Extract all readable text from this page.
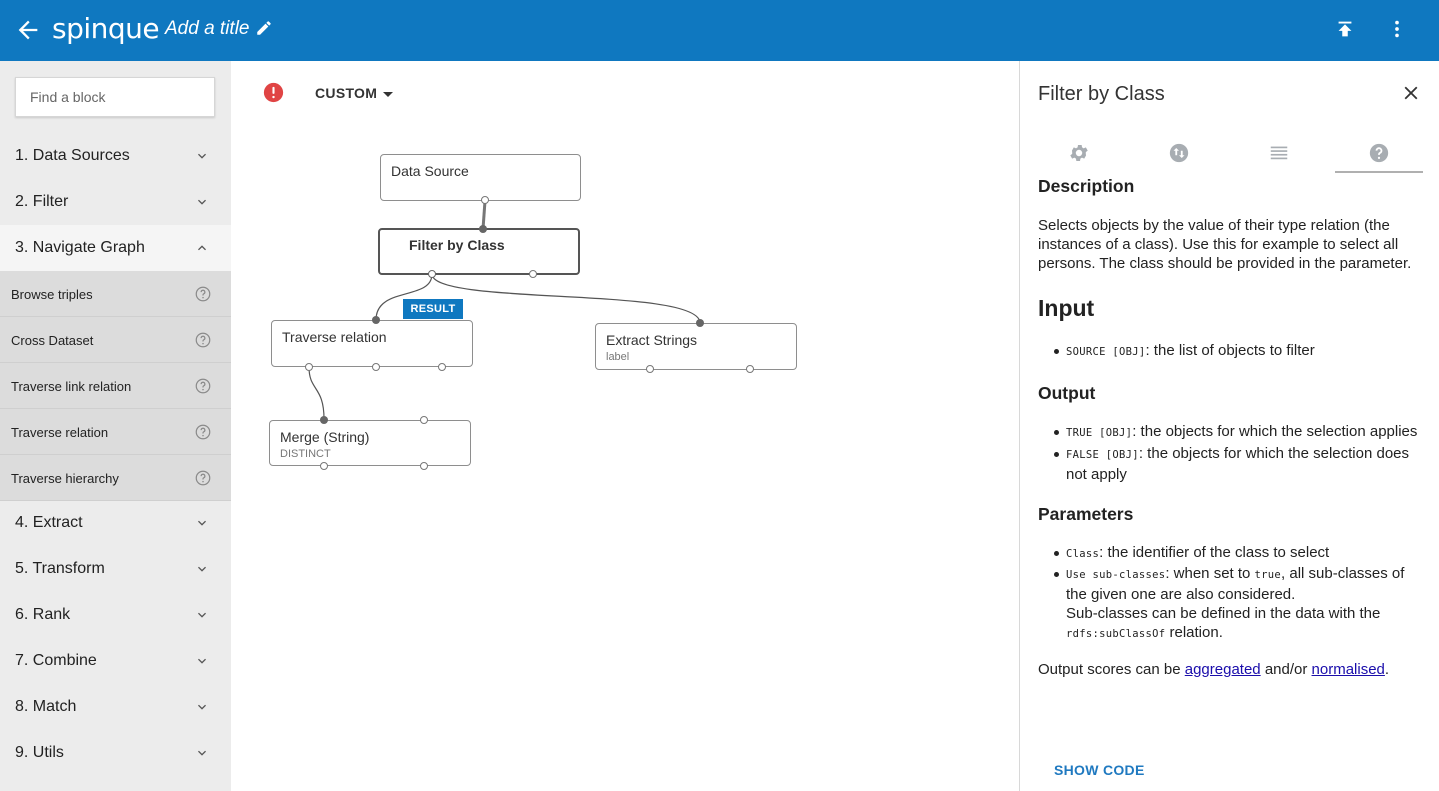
spinque Add a title
Find a block
1. Data Sources
2. Filter
3. Navigate Graph
Browse triples
Cross Dataset
Traverse link relation
Traverse relation
Traverse hierarchy
4. Extract
5. Transform
6. Rank
7. Combine
8. Match
9. Utils
CUSTOM
Data Source
Filter by Class
Traverse relation	Extract Strings
label
Merge (String)
DISTINCT
RESULT
Filter by Class
Description

Selects objects by the value of their type relation (the instances of a class). Use this for example to select all persons. The class should be provided in the parameter.

Input
SOURCE [OBJ]: the list of objects to filter
Output
TRUE [OBJ]: the objects for which the selection applies
FALSE [OBJ]: the objects for which the selection does not apply
Parameters
Class: the identifier of the class to select
Use sub-classes: when set to true, all sub-classes of the given one are also considered.
Sub-classes can be defined in the data with the rdfs:subClassOf relation.

Output scores can be aggregated and/or normalised.

SHOW CODE
